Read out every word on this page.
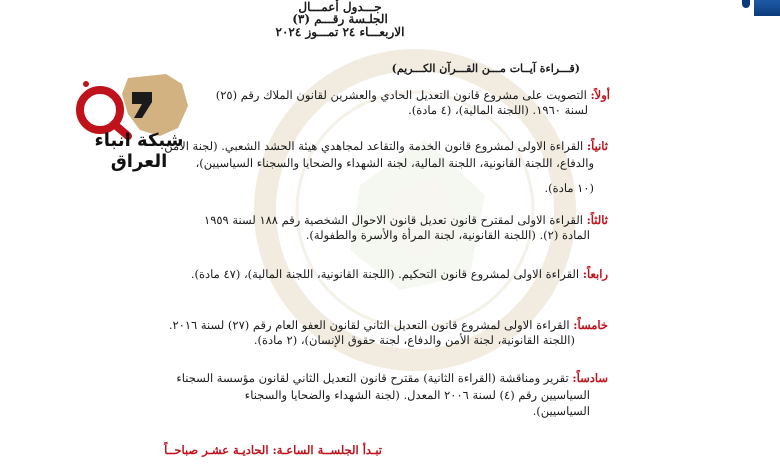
جـــدول أعمـــال
الجلـسة رقـــم (٣)
الاربعـــاء ٢٤ تمـــوز ٢٠٢٤
شبكة انباء العراق
(قـــراءة آيــات مـــن القـــرآن الكـــريم)
أولاً: التصويت على مشروع قانون التعديل الحادي والعشرين لقانون الملاك رقم (٢٥)
لسنة ١٩٦٠. (اللجنة المالية)، (٤ مادة).
ثانياً: القراءة الاولى لمشروع قانون الخدمة والتقاعد لمجاهدي هيئة الحشد الشعبي. (لجنة الأمن
والدفاع، اللجنة القانونية، اللجنة المالية، لجنة الشهداء والضحايا والسجناء السياسيين)،
(١٠ مادة).
ثالثاً: القراءة الاولى لمقترح قانون تعديل قانون الاحوال الشخصية رقم ١٨٨ لسنة ١٩٥٩
المادة (٢). (اللجنة القانونية، لجنة المرأة والأسرة والطفولة).
رابعاً: القراءة الاولى لمشروع قانون التحكيم. (اللجنة القانونية، اللجنة المالية)، (٤٧ مادة).
خامساً: القراءة الاولى لمشروع قانون التعديل الثاني لقانون العفو العام رقم (٢٧) لسنة ٢٠١٦.
(اللجنة القانونية، لجنة الأمن والدفاع، لجنة حقوق الإنسان)، (٢ مادة).
سادساً: تقرير ومناقشة (القراءة الثانية) مقترح قانون التعديل الثاني لقانون مؤسسة السجناء
السياسيين رقم (٤) لسنة ٢٠٠٦ المعدل. (لجنة الشهداء والضحايا والسجناء
السياسيين).
تبـدأ الجلســة الساعـة: الحاديـة عشـر صباحــاً
